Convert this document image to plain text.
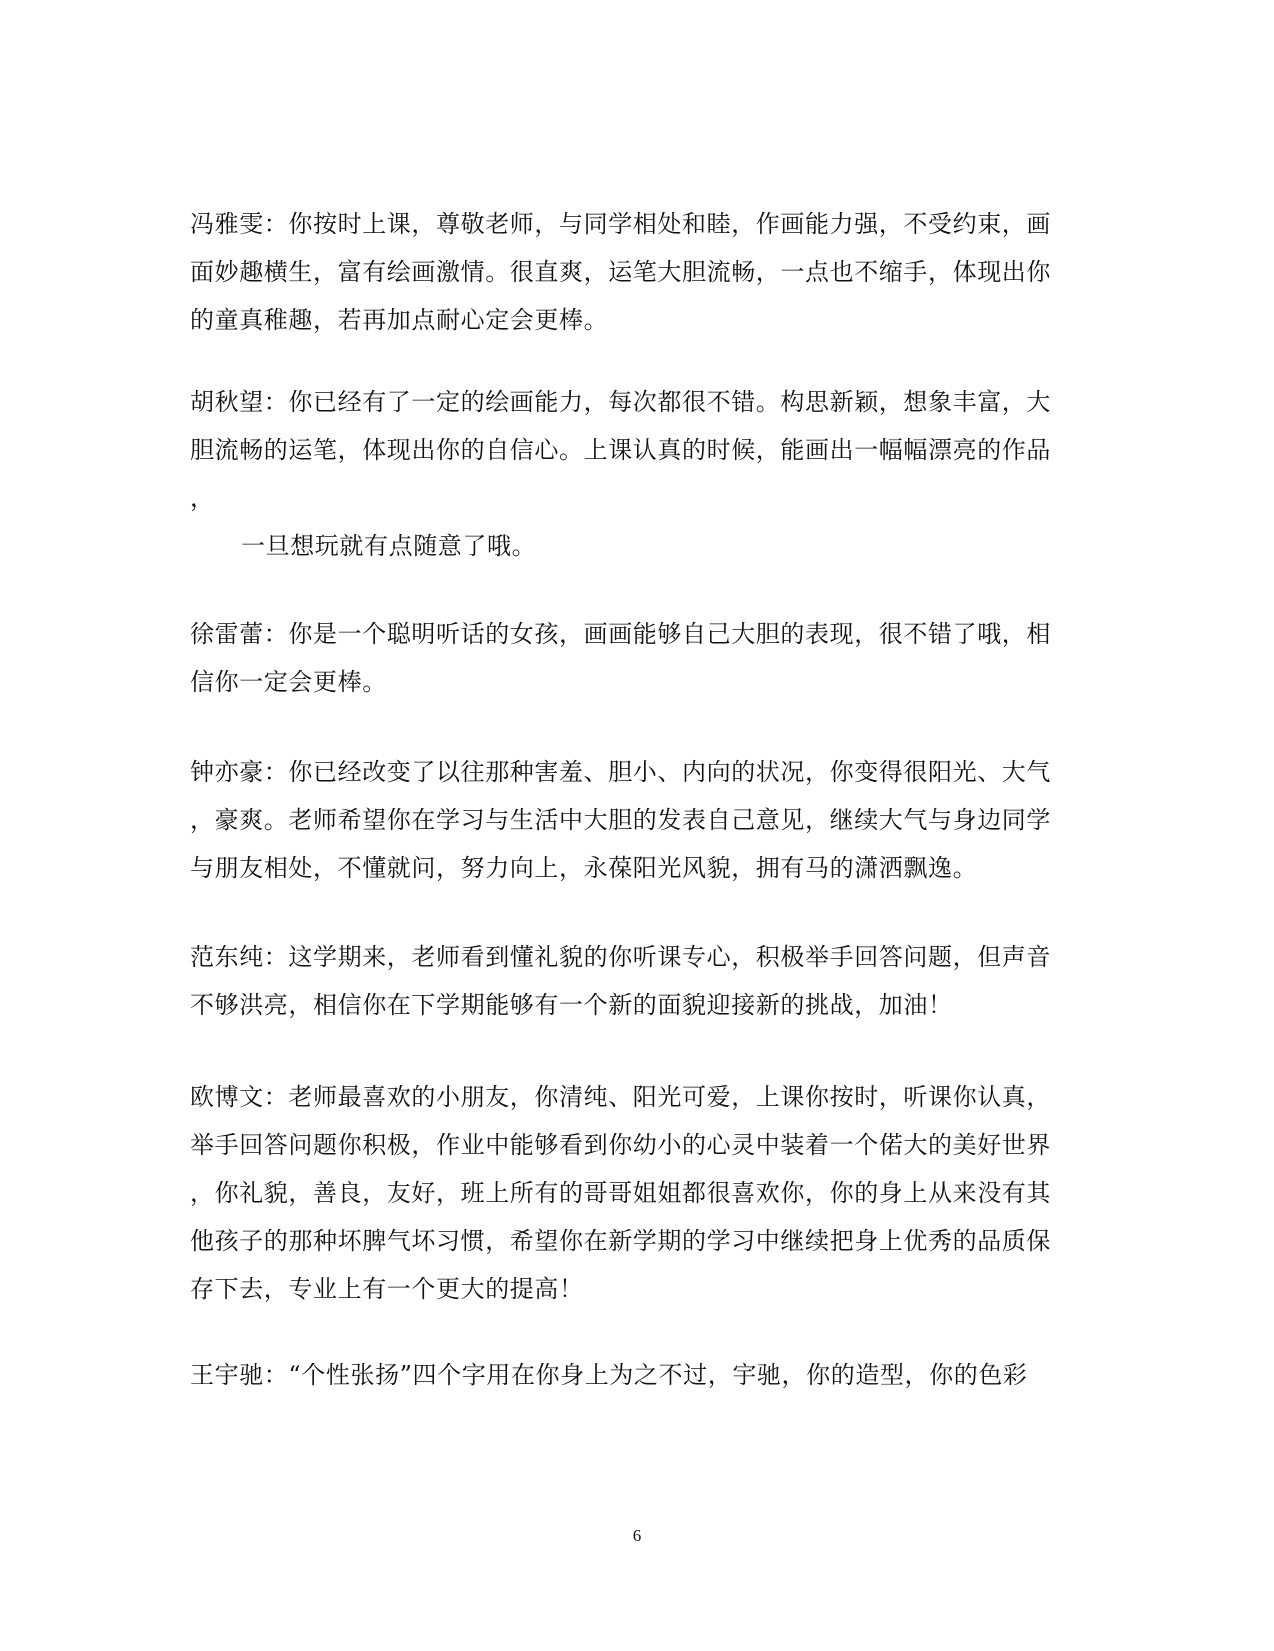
冯雅雯：你按时上课，尊敬老师，与同学相处和睦，作画能力强，不受约束，画
面妙趣横生，富有绘画激情。很直爽，运笔大胆流畅，一点也不缩手，体现出你
的童真稚趣，若再加点耐心定会更棒。
胡秋望：你已经有了一定的绘画能力，每次都很不错。构思新颖，想象丰富，大
胆流畅的运笔，体现出你的自信心。上课认真的时候，能画出一幅幅漂亮的作品
，
一旦想玩就有点随意了哦。
徐雷蕾：你是一个聪明听话的女孩，画画能够自己大胆的表现，很不错了哦，相
信你一定会更棒。
钟亦豪：你已经改变了以往那种害羞、胆小、内向的状况，你变得很阳光、大气
，豪爽。老师希望你在学习与生活中大胆的发表自己意见，继续大气与身边同学
与朋友相处，不懂就问，努力向上，永葆阳光风貌，拥有马的潇洒飘逸。
范东纯：这学期来，老师看到懂礼貌的你听课专心，积极举手回答问题，但声音
不够洪亮，相信你在下学期能够有一个新的面貌迎接新的挑战，加油！
欧博文：老师最喜欢的小朋友，你清纯、阳光可爱，上课你按时，听课你认真，
举手回答问题你积极，作业中能够看到你幼小的心灵中装着一个偌大的美好世界
，你礼貌，善良，友好，班上所有的哥哥姐姐都很喜欢你，你的身上从来没有其
他孩子的那种坏脾气坏习惯，希望你在新学期的学习中继续把身上优秀的品质保
存下去，专业上有一个更大的提高！
王宇驰：“个性张扬”四个字用在你身上为之不过，宇驰，你的造型，你的色彩
6
